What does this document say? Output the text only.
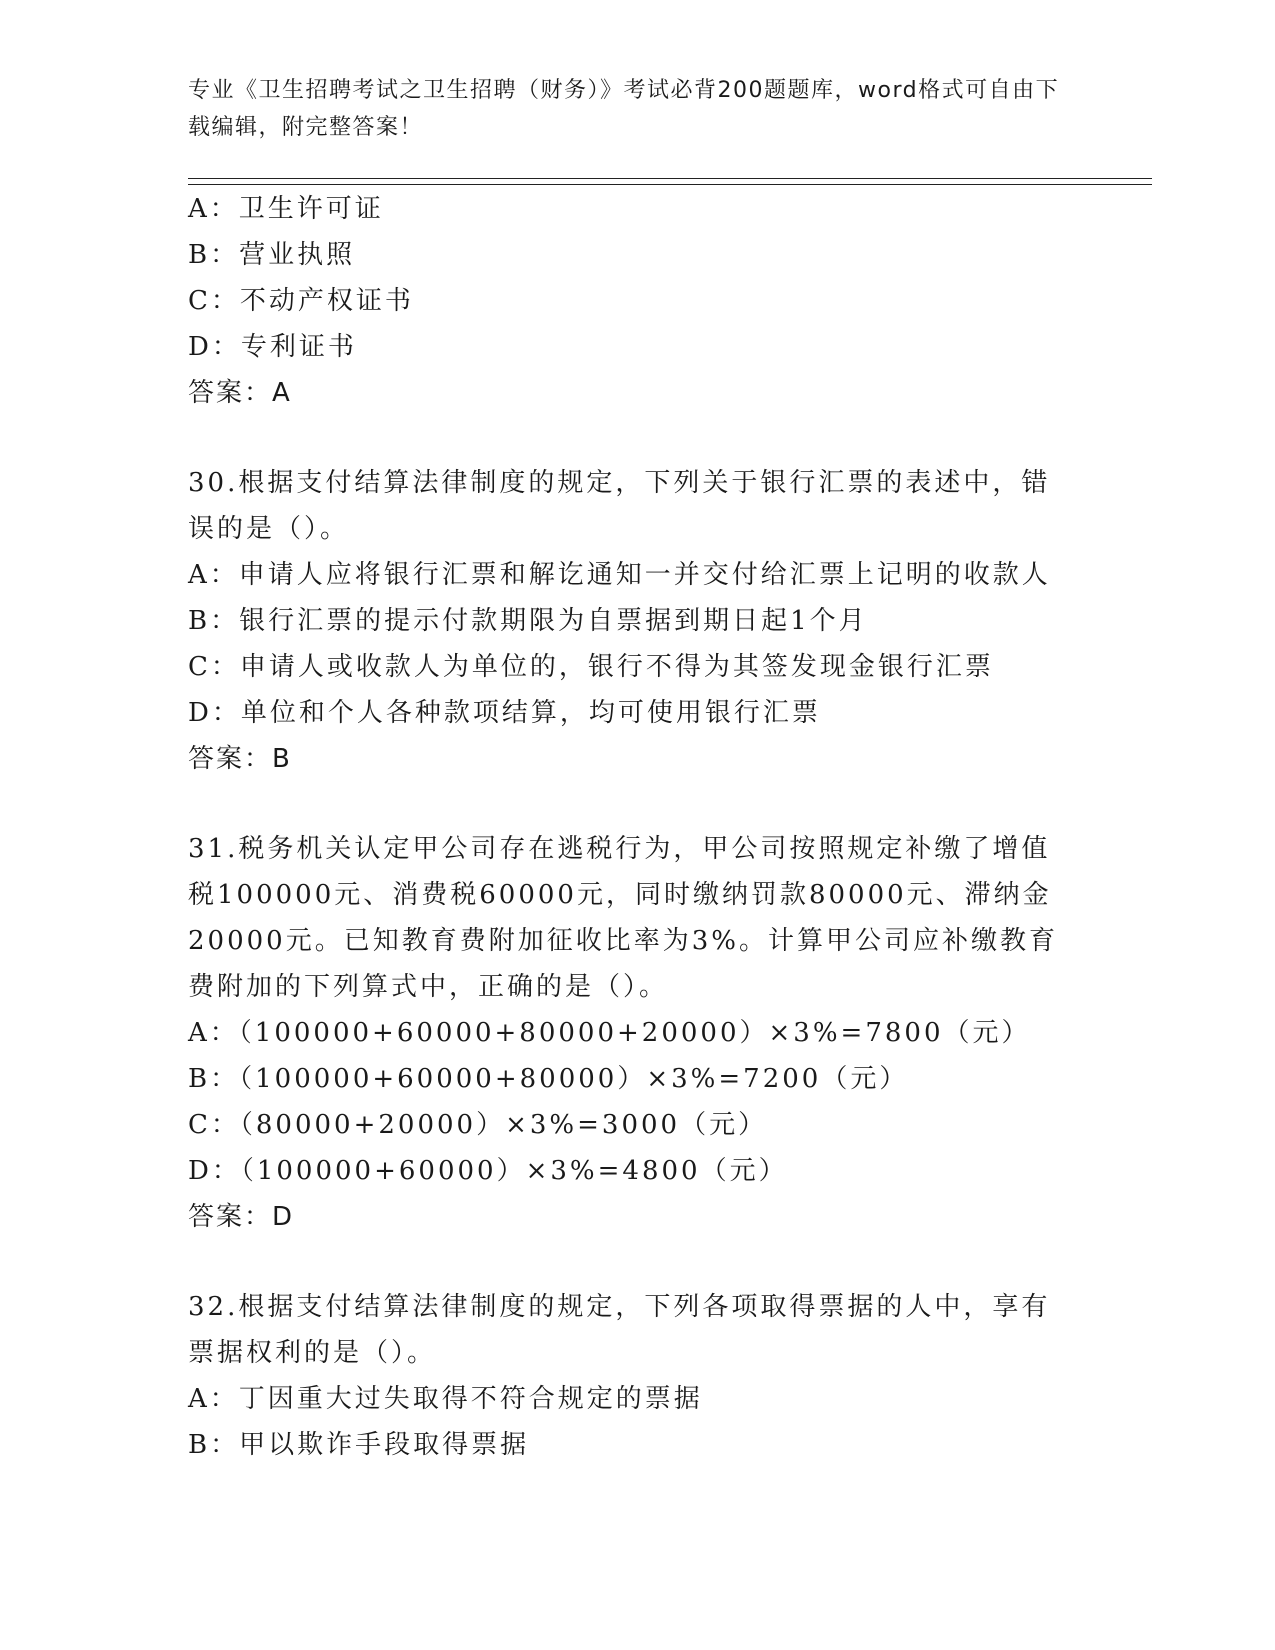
专业《卫生招聘考试之卫生招聘（财务）》考试必背200题题库，word格式可自由下载编辑，附完整答案！
A：卫生许可证
B：营业执照
C：不动产权证书
D：专利证书
答案：A
30.根据支付结算法律制度的规定，下列关于银行汇票的表述中，错误的是（）。
A：申请人应将银行汇票和解讫通知一并交付给汇票上记明的收款人
B：银行汇票的提示付款期限为自票据到期日起1个月
C：申请人或收款人为单位的，银行不得为其签发现金银行汇票
D：单位和个人各种款项结算，均可使用银行汇票
答案：B
31.税务机关认定甲公司存在逃税行为，甲公司按照规定补缴了增值税100000元、消费税60000元，同时缴纳罚款80000元、滞纳金20000元。已知教育费附加征收比率为3%。计算甲公司应补缴教育费附加的下列算式中，正确的是（）。
A：（100000+60000+80000+20000）×3%=7800（元）
B：（100000+60000+80000）×3%=7200（元）
C：（80000+20000）×3%=3000（元）
D：（100000+60000）×3%=4800（元）
答案：D
32.根据支付结算法律制度的规定，下列各项取得票据的人中，享有票据权利的是（）。
A：丁因重大过失取得不符合规定的票据
B：甲以欺诈手段取得票据
